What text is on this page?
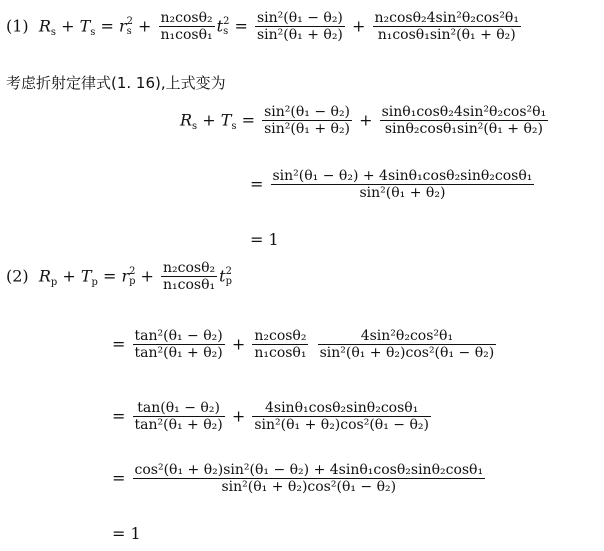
(1) $R_s + T_s = r$ 2
$s + \frac{\text{n₂cosθ₂}}{\text{n₁cosθ₁}}$ t 2
$s = \frac{\text{sin²(θ₁ − θ₂)}}{\text{sin²(θ₁ + θ₂)}} + \frac{\text{n₂cosθ₂4sin²θ₂cos²θ₁}}{\text{n₁cosθ₁sin²(θ₁ + θ₂)}}$
考虑折射定律式(1. 16),上式变为
$R_s + T_s = \frac{\text{sin²(θ₁ − θ₂)}}{\text{sin²(θ₁ + θ₂)}} + \frac{\text{sinθ₁cosθ₂4sin²θ₂cos²θ₁}}{\text{sinθ₂cosθ₁sin²(θ₁ + θ₂)}}$
= $\frac{\text{sin²(θ₁ − θ₂) + 4sinθ₁cosθ₂sinθ₂cosθ₁}}{\text{sin²(θ₁ + θ₂)}}$
= 1
(2) $R_p + T_p = r$ 2
$p + \frac{\text{n₂cosθ₂}}{\text{n₁cosθ₁}}$ t 2
p
= $\frac{\text{tan²(θ₁ − θ₂)}}{\text{tan²(θ₁ + θ₂)}} + \frac{\text{n₂cosθ₂}}{\text{n₁cosθ₁}}$
$\frac{\text{4sin²θ₂cos²θ₁}}{\text{sin²(θ₁ + θ₂)cos²(θ₁ − θ₂)}}$
= $\frac{\text{tan(θ₁ − θ₂)}}{\text{tan²(θ₁ + θ₂)}} + \frac{\text{4sinθ₁cosθ₂sinθ₂cosθ₁}}{\text{sin²(θ₁ + θ₂)cos²(θ₁ − θ₂)}}$
= $\frac{\text{cos²(θ₁ + θ₂)sin²(θ₁ − θ₂) + 4sinθ₁cosθ₂sinθ₂cosθ₁}}{\text{sin²(θ₁ + θ₂)cos²(θ₁ − θ₂)}}$
= 1
